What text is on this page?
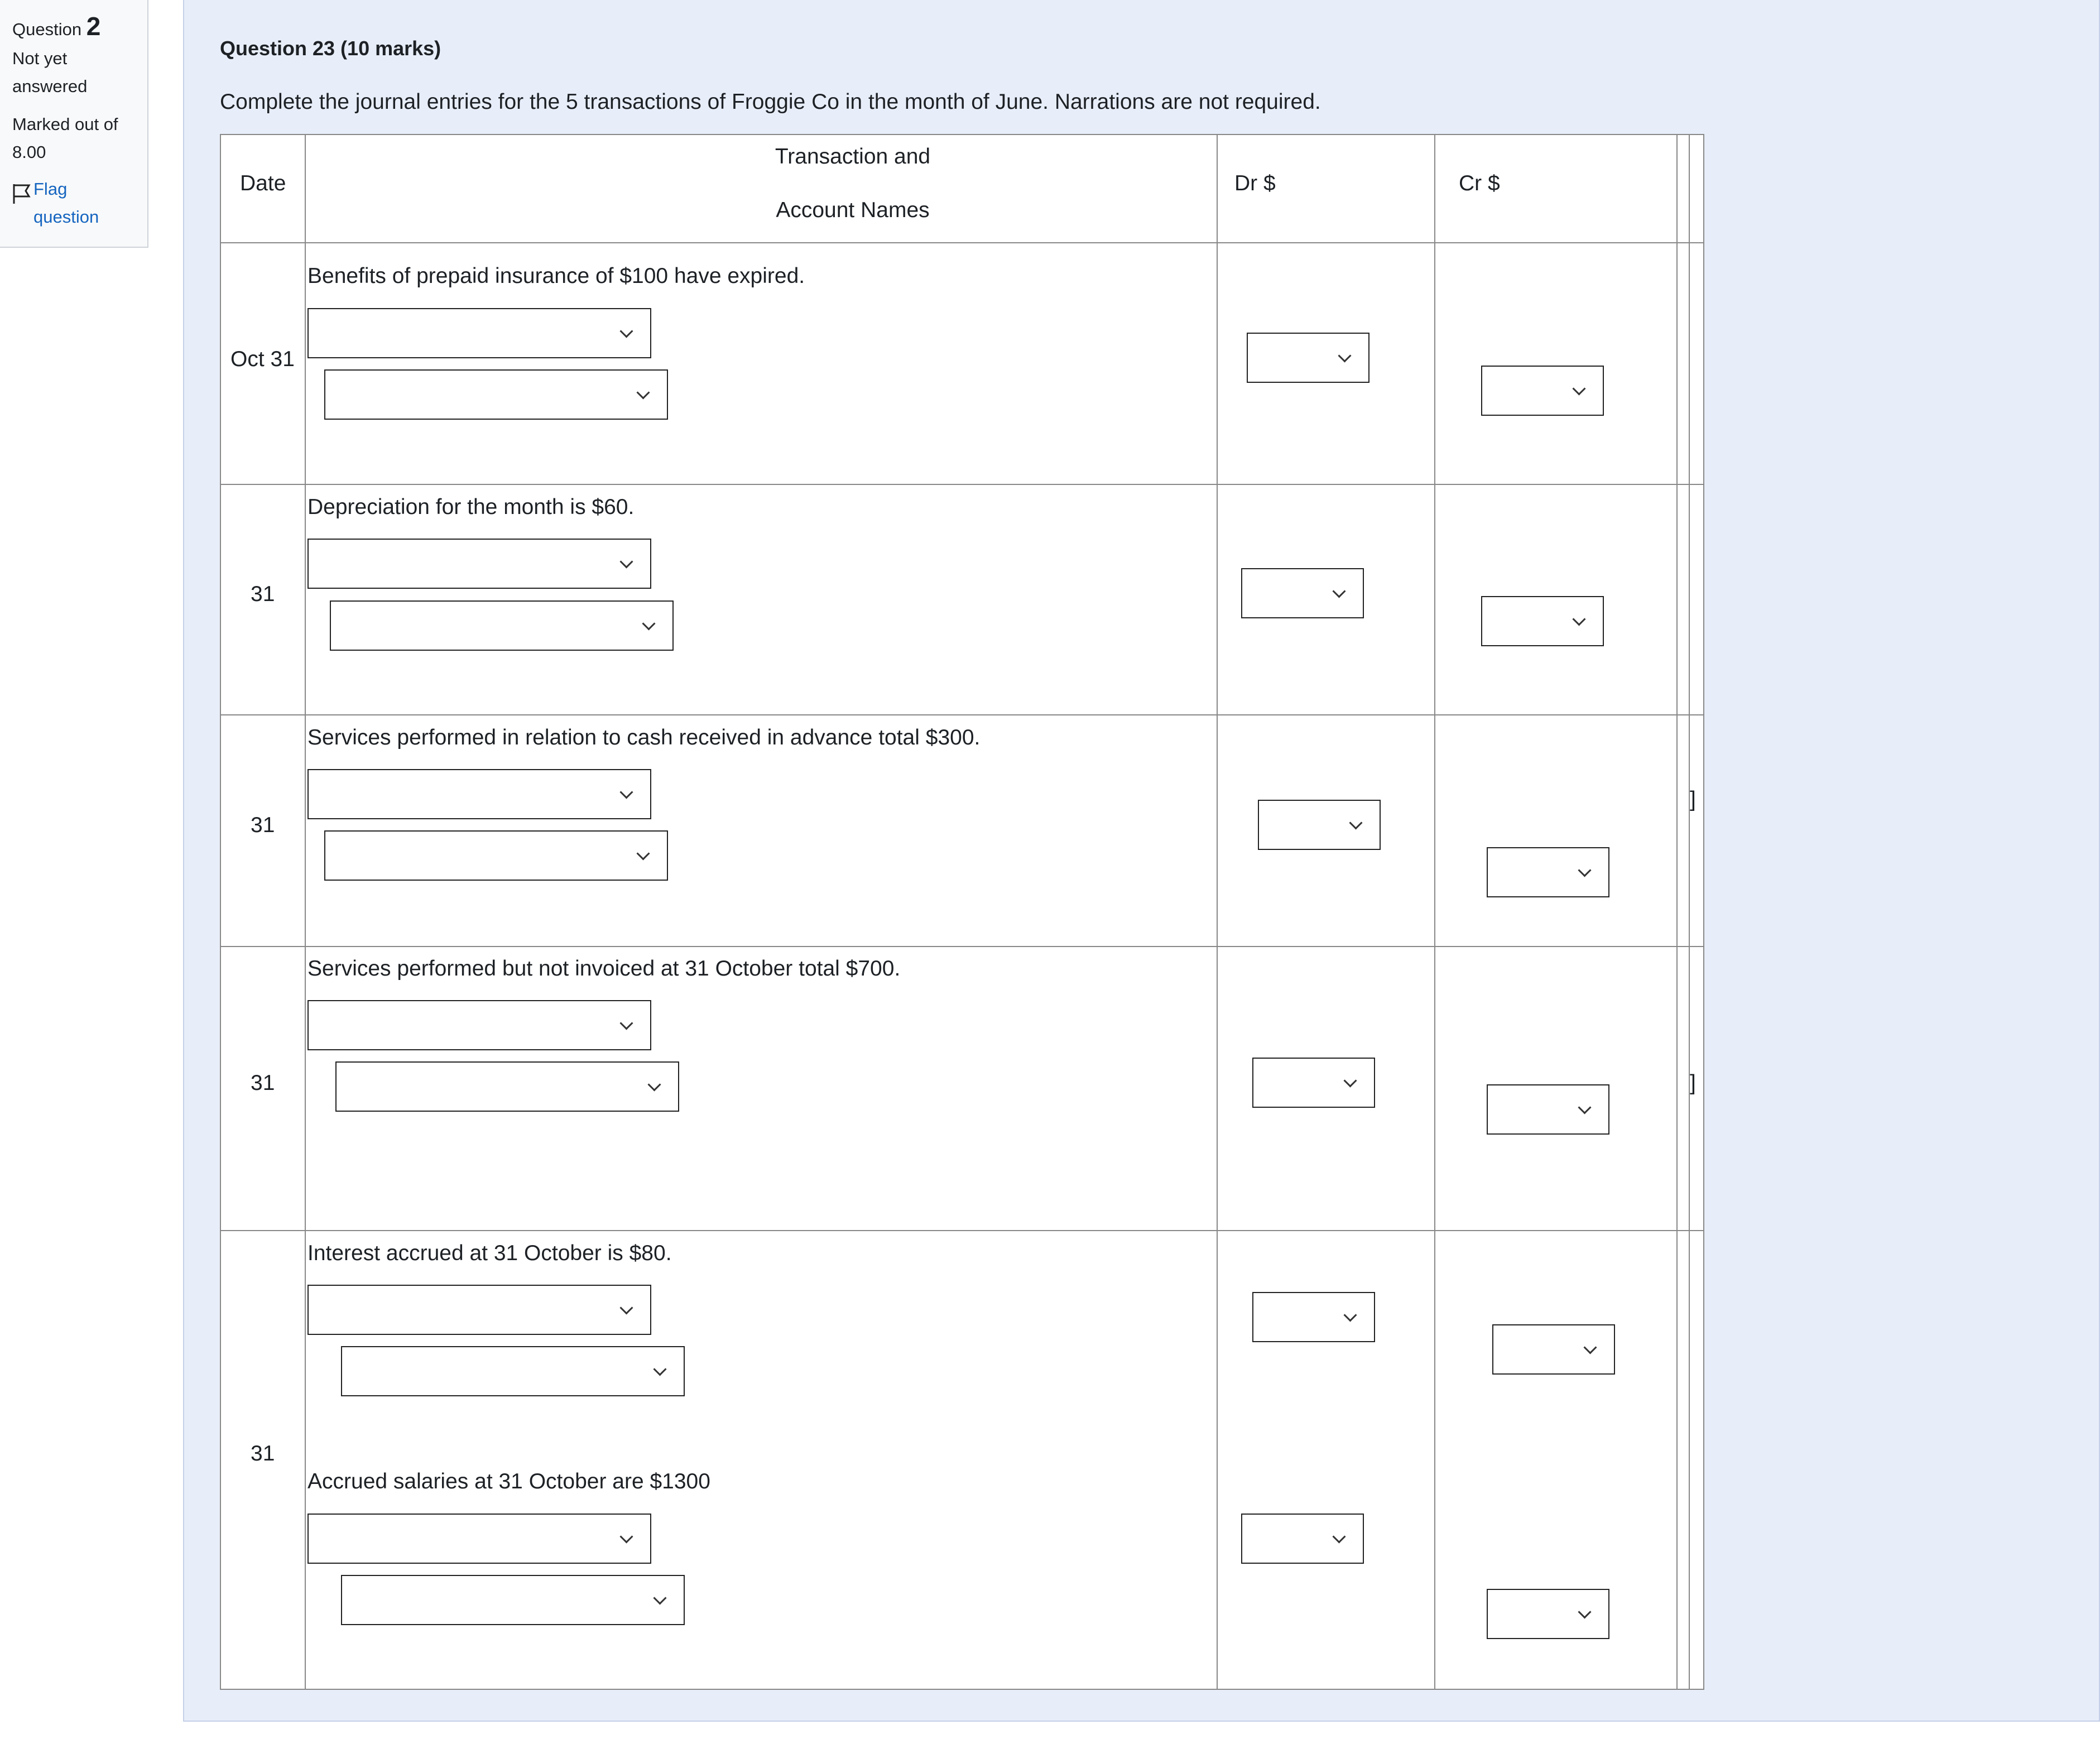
Question 2
Not yet
answered
Marked out of
8.00
Flag
question
Question 23 (10 marks)
Complete the journal entries for the 5 transactions of Froggie Co in the month of June. Narrations are not required.
Date
Transaction and
Account Names
Dr $	Cr $
Oct 31
Benefits of prepaid insurance of $100 have expired.
31
Depreciation for the month is $60.
31
Services performed in relation to cash received in advance total $300.
]
31
Services performed but not invoiced at 31 October total $700.
]
31
Interest accrued at 31 October is $80.
Accrued salaries at 31 October are $1300
